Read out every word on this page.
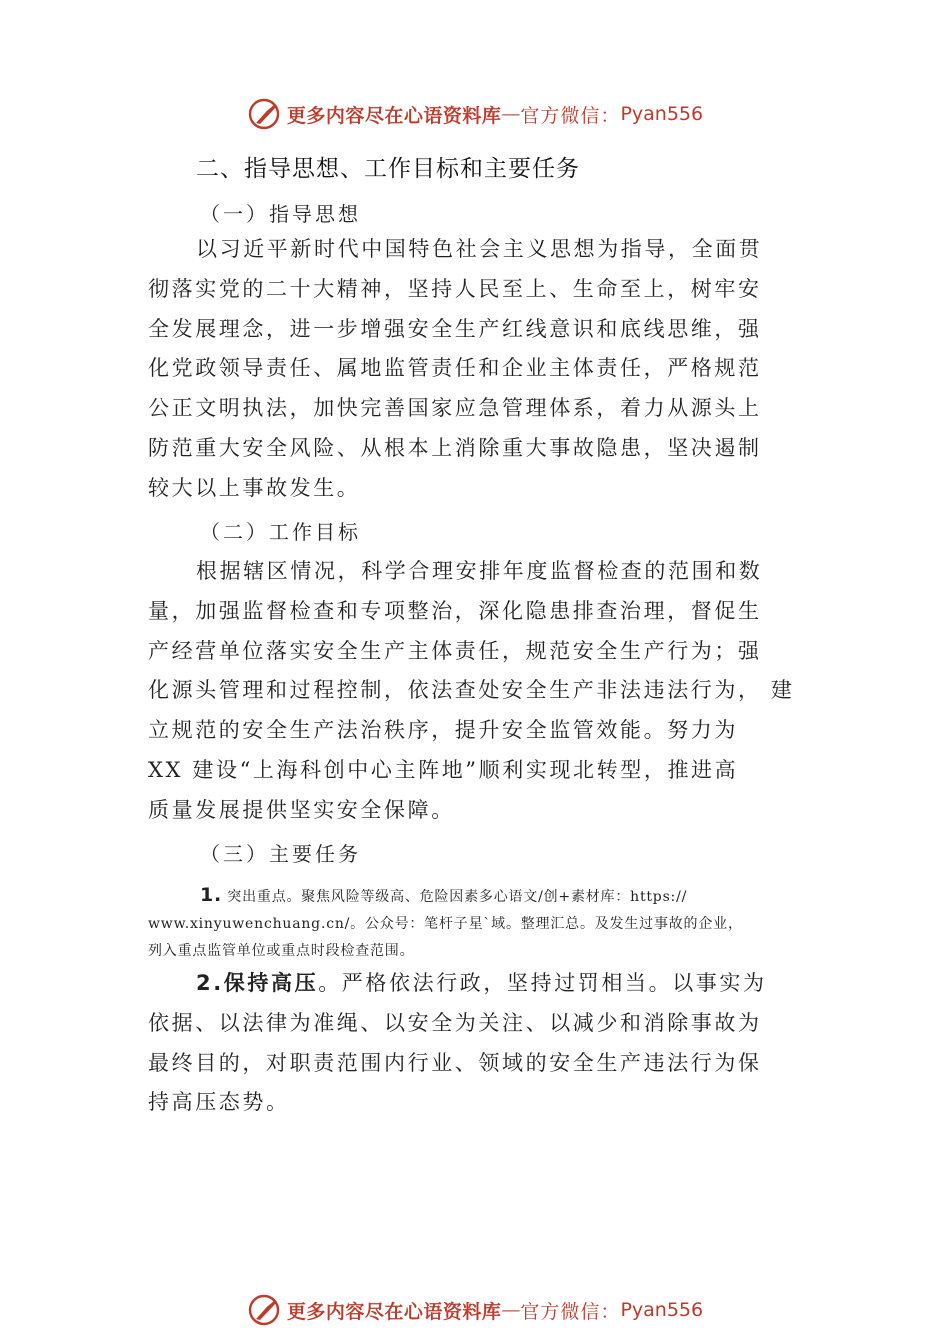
更多内容尽在心语资料库 — 官方微信： Pyan556
二、指导思想、工作目标和主要任务
（一）指导思想
以习近平新时代中国特色社会主义思想为指导，全面贯
彻落实党的二十大精神，坚持人民至上、生命至上，树牢安
全发展理念，进一步增强安全生产红线意识和底线思维，强
化党政领导责任、属地监管责任和企业主体责任，严格规范
公正文明执法，加快完善国家应急管理体系，着力从源头上
防范重大安全风险、从根本上消除重大事故隐患，坚决遏制
较大以上事故发生。
（二）工作目标
根据辖区情况，科学合理安排年度监督检查的范围和数
量，加强监督检查和专项整治，深化隐患排查治理，督促生
产经营单位落实安全生产主体责任，规范安全生产行为；强
化源头管理和过程控制，依法查处安全生产非法违法行为， 建
立规范的安全生产法治秩序，提升安全监管效能。努力为
XX 建设“上海科创中心主阵地”顺利实现北转型，推进高
质量发展提供坚实安全保障。
（三）主要任务
1. 突出重点。聚焦风险等级高、危险因素多心语文/创+素材库：https://
www.xinyuwenchuang.cn/。公众号：笔杆子星`域。整理汇总。及发生过事故的企业，
列入重点监管单位或重点时段检查范围。
2.保持高压。严格依法行政，坚持过罚相当。以事实为
依据、以法律为准绳、以安全为关注、以减少和消除事故为
最终目的，对职责范围内行业、领域的安全生产违法行为保
持高压态势。
更多内容尽在心语资料库 — 官方微信： Pyan556
